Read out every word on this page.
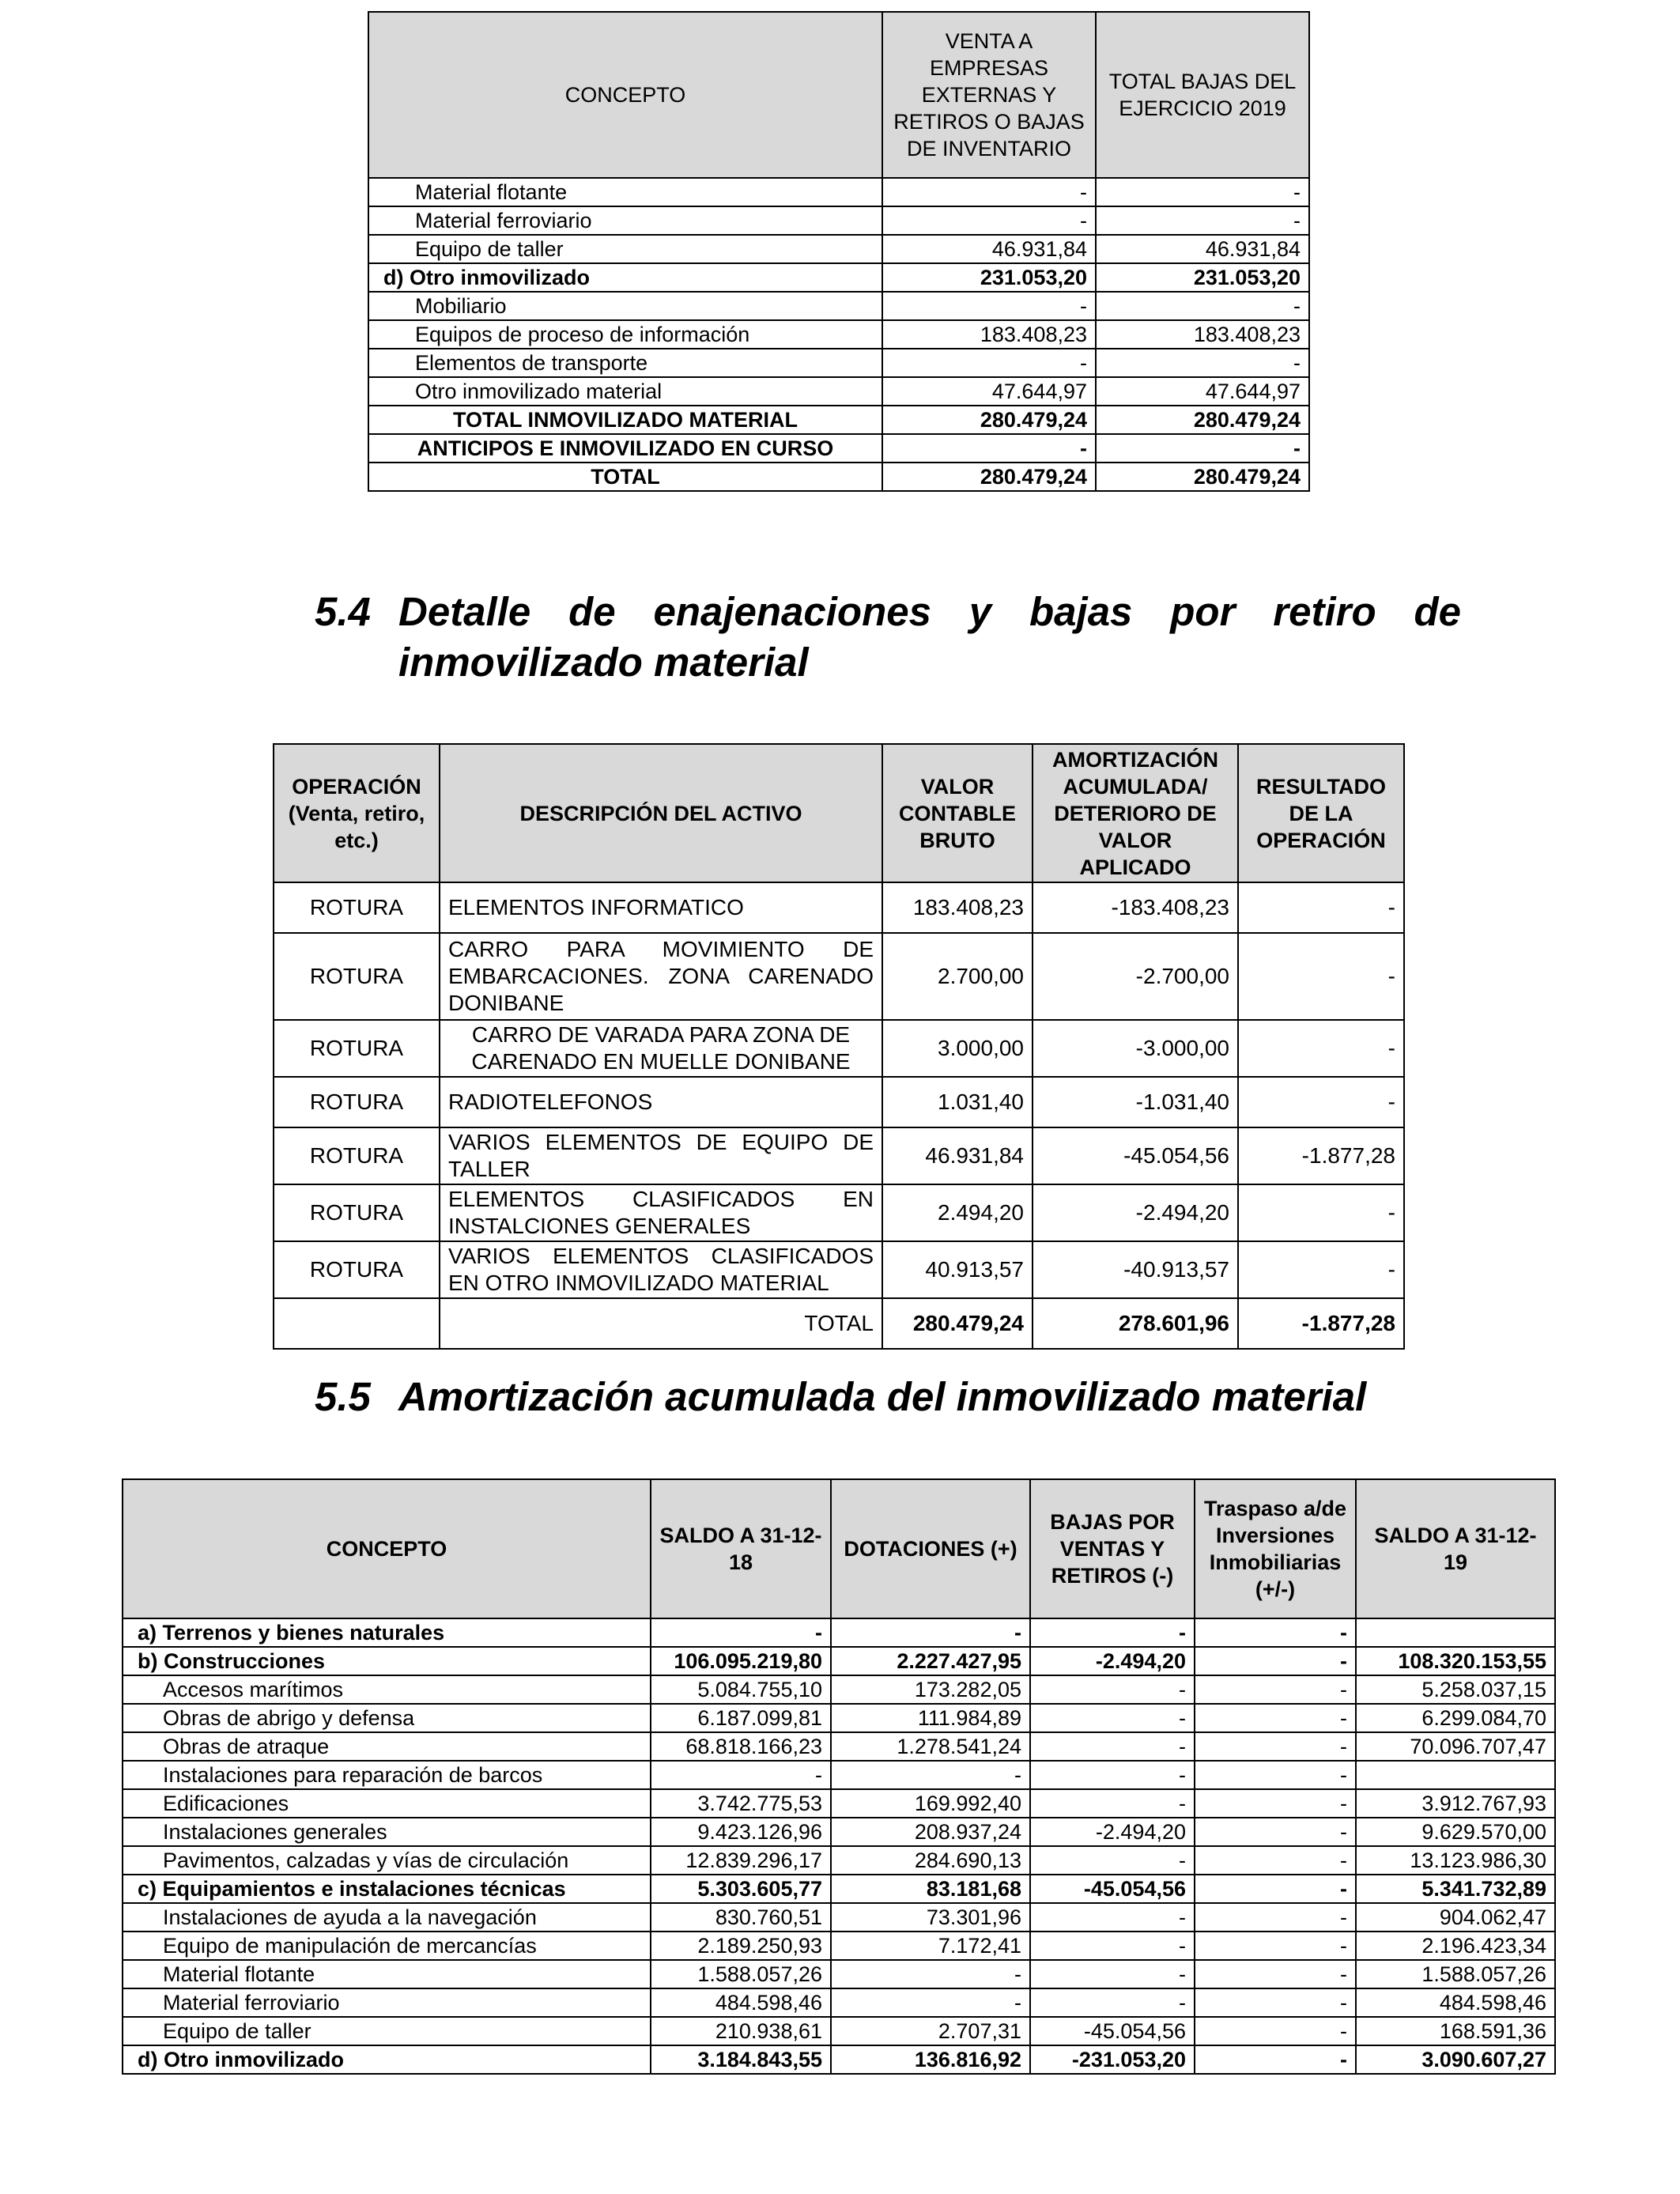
CONCEPTO	VENTA A EMPRESAS EXTERNAS Y RETIROS O BAJAS DE INVENTARIO	TOTAL BAJAS DEL EJERCICIO 2019
Material flotante	-	-
Material ferroviario	-	-
Equipo de taller	46.931,84	46.931,84
d) Otro inmovilizado	231.053,20	231.053,20
Mobiliario	-	-
Equipos de proceso de información	183.408,23	183.408,23
Elementos de transporte	-	-
Otro inmovilizado material	47.644,97	47.644,97
TOTAL INMOVILIZADO MATERIAL	280.479,24	280.479,24
ANTICIPOS E INMOVILIZADO EN CURSO	-	-
TOTAL	280.479,24	280.479,24
5.4 Detalle de enajenaciones y bajas por retiro de
inmovilizado material
OPERACIÓN (Venta, retiro, etc.)	DESCRIPCIÓN DEL ACTIVO	VALOR CONTABLE BRUTO	AMORTIZACIÓN ACUMULADA/ DETERIORO DE VALOR APLICADO	RESULTADO DE LA OPERACIÓN
ROTURA	ELEMENTOS INFORMATICO	183.408,23	-183.408,23	-
ROTURA	CARRO PARA MOVIMIENTO DE
EMBARCACIONES. ZONA CARENADO
DONIBANE	2.700,00	-2.700,00	-
ROTURA	CARRO DE VARADA PARA ZONA DE
CARENADO EN MUELLE DONIBANE	3.000,00	-3.000,00	-
ROTURA	RADIOTELEFONOS	1.031,40	-1.031,40	-
ROTURA	VARIOS ELEMENTOS DE EQUIPO DE
TALLER	46.931,84	-45.054,56	-1.877,28
ROTURA	ELEMENTOS CLASIFICADOS EN
INSTALCIONES GENERALES	2.494,20	-2.494,20	-
ROTURA	VARIOS ELEMENTOS CLASIFICADOS
EN OTRO INMOVILIZADO MATERIAL	40.913,57	-40.913,57	-
	TOTAL	280.479,24	278.601,96	-1.877,28
5.5 Amortización acumulada del inmovilizado material
CONCEPTO	SALDO A 31-12-18	DOTACIONES (+)	BAJAS POR VENTAS Y RETIROS (-)	Traspaso a/de Inversiones Inmobiliarias (+/-)	SALDO A 31-12-19
a) Terrenos y bienes naturales	-	-	-	-	
b) Construcciones	106.095.219,80	2.227.427,95	-2.494,20	-	108.320.153,55
Accesos marítimos	5.084.755,10	173.282,05	-	-	5.258.037,15
Obras de abrigo y defensa	6.187.099,81	111.984,89	-	-	6.299.084,70
Obras de atraque	68.818.166,23	1.278.541,24	-	-	70.096.707,47
Instalaciones para reparación de barcos	-	-	-	-	
Edificaciones	3.742.775,53	169.992,40	-	-	3.912.767,93
Instalaciones generales	9.423.126,96	208.937,24	-2.494,20	-	9.629.570,00
Pavimentos, calzadas y vías de circulación	12.839.296,17	284.690,13	-	-	13.123.986,30
c) Equipamientos e instalaciones técnicas	5.303.605,77	83.181,68	-45.054,56	-	5.341.732,89
Instalaciones de ayuda a la navegación	830.760,51	73.301,96	-	-	904.062,47
Equipo de manipulación de mercancías	2.189.250,93	7.172,41	-	-	2.196.423,34
Material flotante	1.588.057,26	-	-	-	1.588.057,26
Material ferroviario	484.598,46	-	-	-	484.598,46
Equipo de taller	210.938,61	2.707,31	-45.054,56	-	168.591,36
d) Otro inmovilizado	3.184.843,55	136.816,92	-231.053,20	-	3.090.607,27
